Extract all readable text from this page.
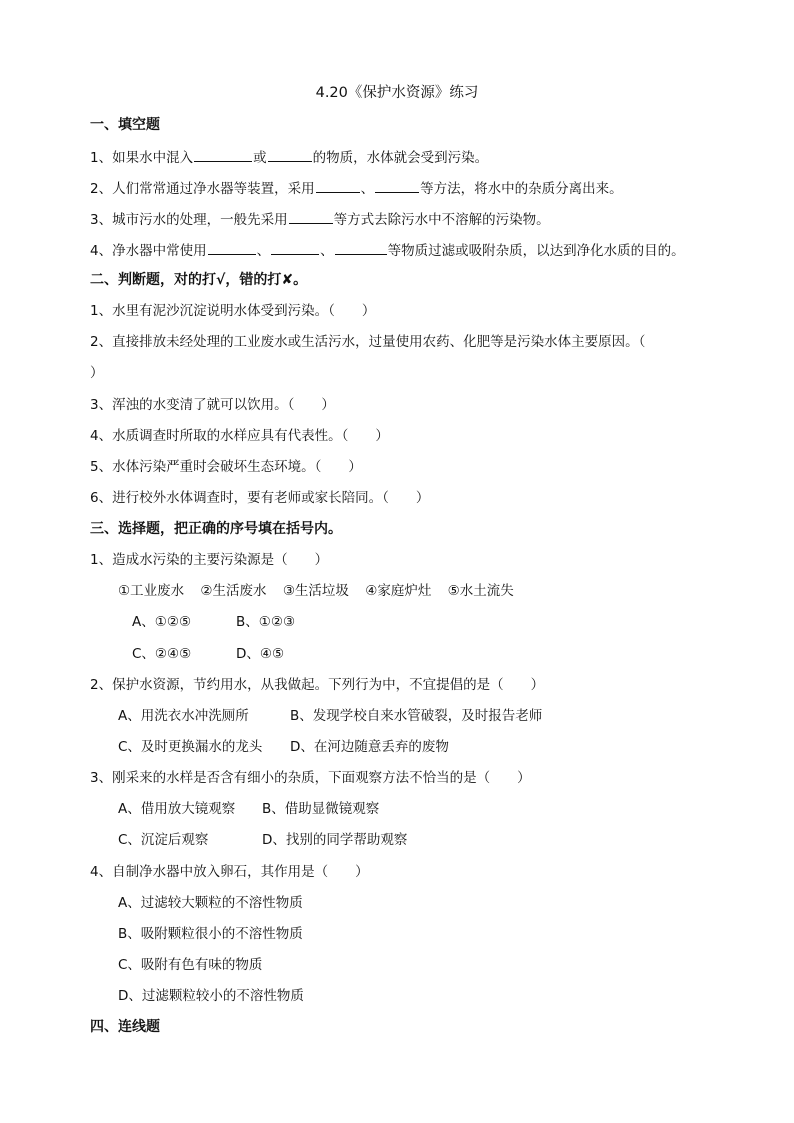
4.20《保护水资源》练习
一、填空题
1、如果水中混入	或	的物质，水体就会受到污染。
2、人们常常通过净水器等装置，采用	、	等方法，将水中的杂质分离出来。
3、城市污水的处理，一般先采用	等方式去除污水中不溶解的污染物。
4、净水器中常使用	、	、	等物质过滤或吸附杂质，以达到净化水质的目的。
二、判断题，对的打√，错的打✘。
1、水里有泥沙沉淀说明水体受到污染。（　　）
2、直接排放未经处理的工业废水或生活污水，过量使用农药、化肥等是污染水体主要原因。（
）
3、浑浊的水变清了就可以饮用。（　　）
4、水质调查时所取的水样应具有代表性。（　　）
5、水体污染严重时会破坏生态环境。（　　）
6、进行校外水体调查时，要有老师或家长陪同。（　　）
三、选择题，把正确的序号填在括号内。
1、造成水污染的主要污染源是（　　）
①工业废水 ②生活废水 ③生活垃圾 ④家庭炉灶 ⑤水土流失
A、①②⑤	B、①②③
C、②④⑤	D、④⑤
2、保护水资源，节约用水，从我做起。下列行为中，不宜提倡的是（　　）
A、用洗衣水冲洗厕所	B、发现学校自来水管破裂，及时报告老师
C、及时更换漏水的龙头 D、在河边随意丢弃的废物
3、刚采来的水样是否含有细小的杂质，下面观察方法不恰当的是（　　）
A、借用放大镜观察 B、借助显微镜观察
C、沉淀后观察	D、找别的同学帮助观察
4、自制净水器中放入卵石，其作用是（　　）
A、过滤较大颗粒的不溶性物质
B、吸附颗粒很小的不溶性物质
C、吸附有色有味的物质
D、过滤颗粒较小的不溶性物质
四、连线题
